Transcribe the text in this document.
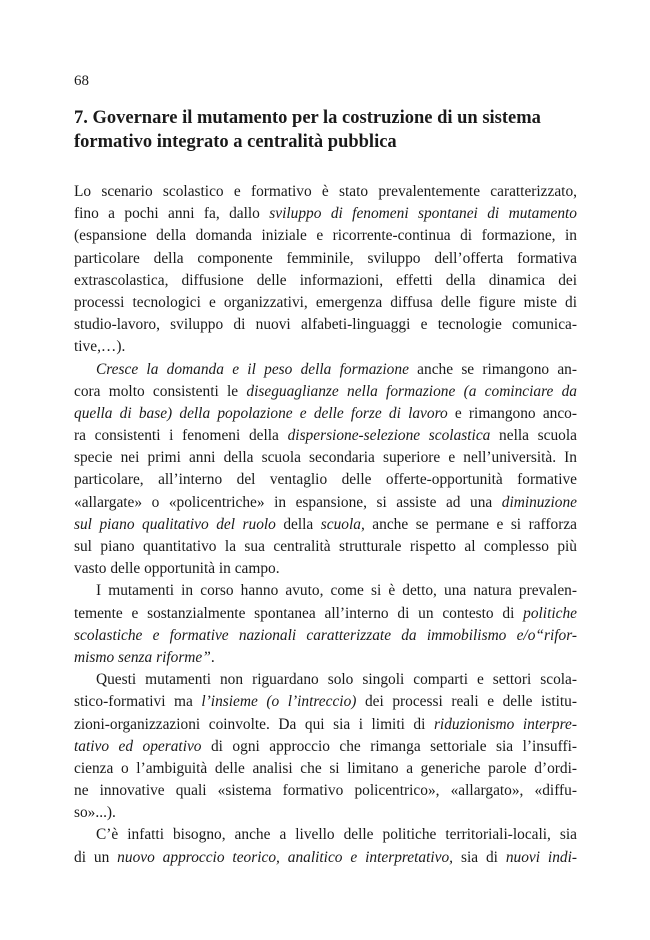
68
7. Governare il mutamento per la costruzione di un sistema formativo integrato a centralità pubblica
Lo scenario scolastico e formativo è stato prevalentemente caratterizzato,
fino a pochi anni fa, dallo sviluppo di fenomeni spontanei di mutamento
(espansione della domanda iniziale e ricorrente-continua di formazione, in
particolare della componente femminile, sviluppo dell’offerta formativa
extrascolastica, diffusione delle informazioni, effetti della dinamica dei
processi tecnologici e organizzativi, emergenza diffusa delle figure miste di
studio-lavoro, sviluppo di nuovi alfabeti-linguaggi e tecnologie comunica-
tive,…).
Cresce la domanda e il peso della formazione anche se rimangono an-
cora molto consistenti le diseguaglianze nella formazione (a cominciare da
quella di base) della popolazione e delle forze di lavoro e rimangono anco-
ra consistenti i fenomeni della dispersione-selezione scolastica nella scuola
specie nei primi anni della scuola secondaria superiore e nell’università. In
particolare, all’interno del ventaglio delle offerte-opportunità formative
«allargate» o «policentriche» in espansione, si assiste ad una diminuzione
sul piano qualitativo del ruolo della scuola, anche se permane e si rafforza
sul piano quantitativo la sua centralità strutturale rispetto al complesso più
vasto delle opportunità in campo.
I mutamenti in corso hanno avuto, come si è detto, una natura prevalen-
temente e sostanzialmente spontanea all’interno di un contesto di politiche
scolastiche e formative nazionali caratterizzate da immobilismo e/o“rifor-
mismo senza riforme”.
Questi mutamenti non riguardano solo singoli comparti e settori scola-
stico-formativi ma l’insieme (o l’intreccio) dei processi reali e delle istitu-
zioni-organizzazioni coinvolte. Da qui sia i limiti di riduzionismo interpre-
tativo ed operativo di ogni approccio che rimanga settoriale sia l’insuffi-
cienza o l’ambiguità delle analisi che si limitano a generiche parole d’ordi-
ne innovative quali «sistema formativo policentrico», «allargato», «diffu-
so»...).
C’è infatti bisogno, anche a livello delle politiche territoriali-locali, sia
di un nuovo approccio teorico, analitico e interpretativo, sia di nuovi indi-
